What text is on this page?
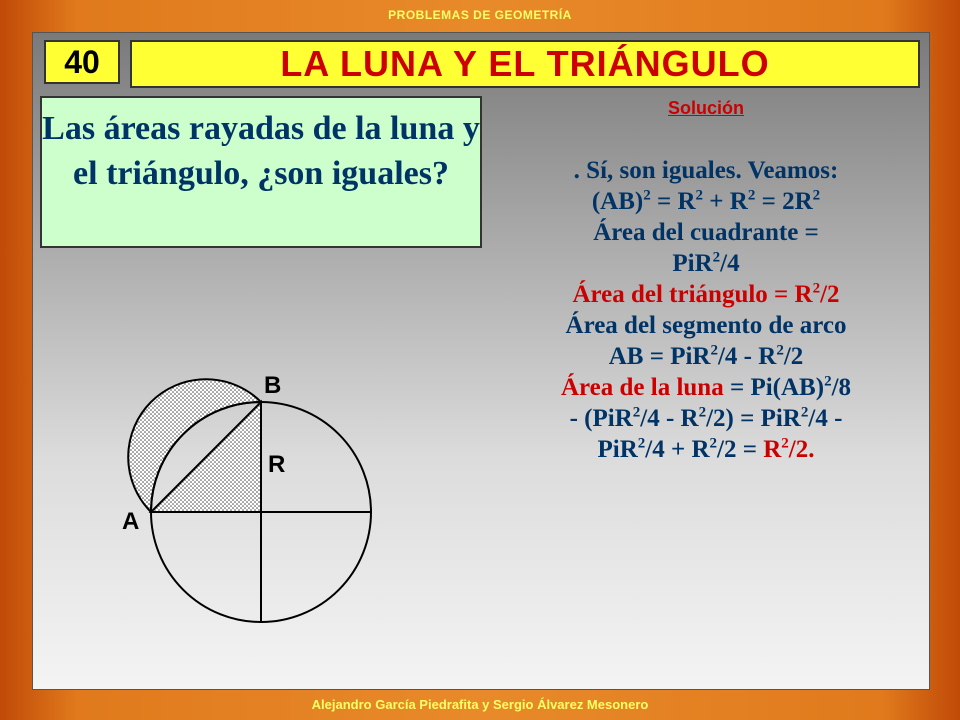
PROBLEMAS DE GEOMETRÍA
40	LA LUNA Y EL TRIÁNGULO
Las áreas rayadas de la luna y el triángulo, ¿son iguales?
Solución
. Sí, son iguales. Veamos:
$(AB)^2 = R^2 + R^2 = 2R^2$
Área del cuadrante =
PiR$^2$/4
Área del triángulo = $R^2/2$
Área del segmento de arco
AB = $PiR^2/4 - R^2/2$
Área de la luna = Pi(AB)$^2$/8
- $(PiR^2/4 - R^2/2) = PiR^2/4$ -
$PiR^2/4 + R^2/2 = R^2/2$.
B
R
A
Alejandro García Piedrafita y Sergio Álvarez Mesonero
